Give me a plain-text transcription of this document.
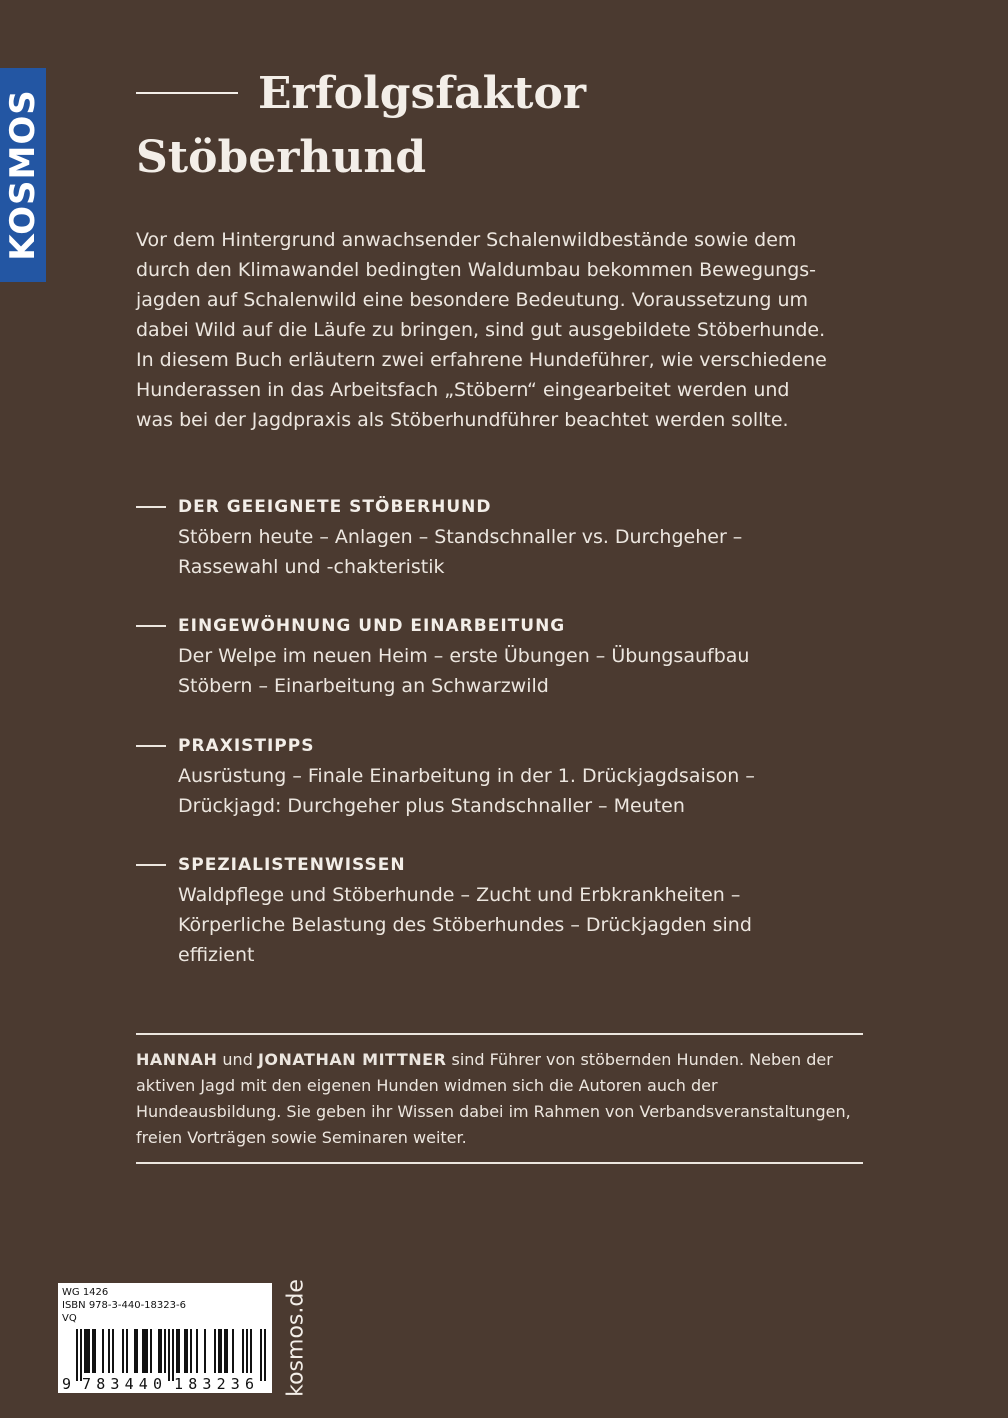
KOSMOS	Erfolgsfaktor
Stöberhund

Vor dem Hintergrund anwachsender Schalenwildbestände sowie dem
durch den Klimawandel bedingten Waldumbau bekommen Bewegungs-
jagden auf Schalenwild eine besondere Bedeutung. Voraussetzung um
dabei Wild auf die Läufe zu bringen, sind gut ausgebildete Stöberhunde.
In diesem Buch erläutern zwei erfahrene Hundeführer, wie verschiedene
Hunderassen in das Arbeitsfach „Stöbern“ eingearbeitet werden und
was bei der Jagdpraxis als Stöberhundführer beachtet werden sollte.

DER GEEIGNETE STÖBERHUND
Stöbern heute – Anlagen – Standschnaller vs. Durchgeher –
Rassewahl und -chakteristik
EINGEWÖHNUNG UND EINARBEITUNG
Der Welpe im neuen Heim – erste Übungen – Übungsaufbau
Stöbern – Einarbeitung an Schwarzwild
PRAXISTIPPS
Ausrüstung – Finale Einarbeitung in der 1. Drückjagdsaison –
Drückjagd: Durchgeher plus Standschnaller – Meuten
SPEZIALISTENWISSEN
Waldpflege und Stöberhunde – Zucht und Erbkrankheiten –
Körperliche Belastung des Stöberhundes – Drückjagden sind
effizient

HANNAH und JONATHAN MITTNER sind Führer von stöbernden Hunden. Neben der aktiven Jagd mit den eigenen Hunden widmen sich die Autoren auch der Hundeausbildung. Sie geben ihr Wissen dabei im Rahmen von Verbandsveranstaltungen, freien Vorträgen sowie Seminaren weiter.

WG 1426
ISBN 978-3-440-18323-6
VQ
9 783440 183236 kosmos.de
